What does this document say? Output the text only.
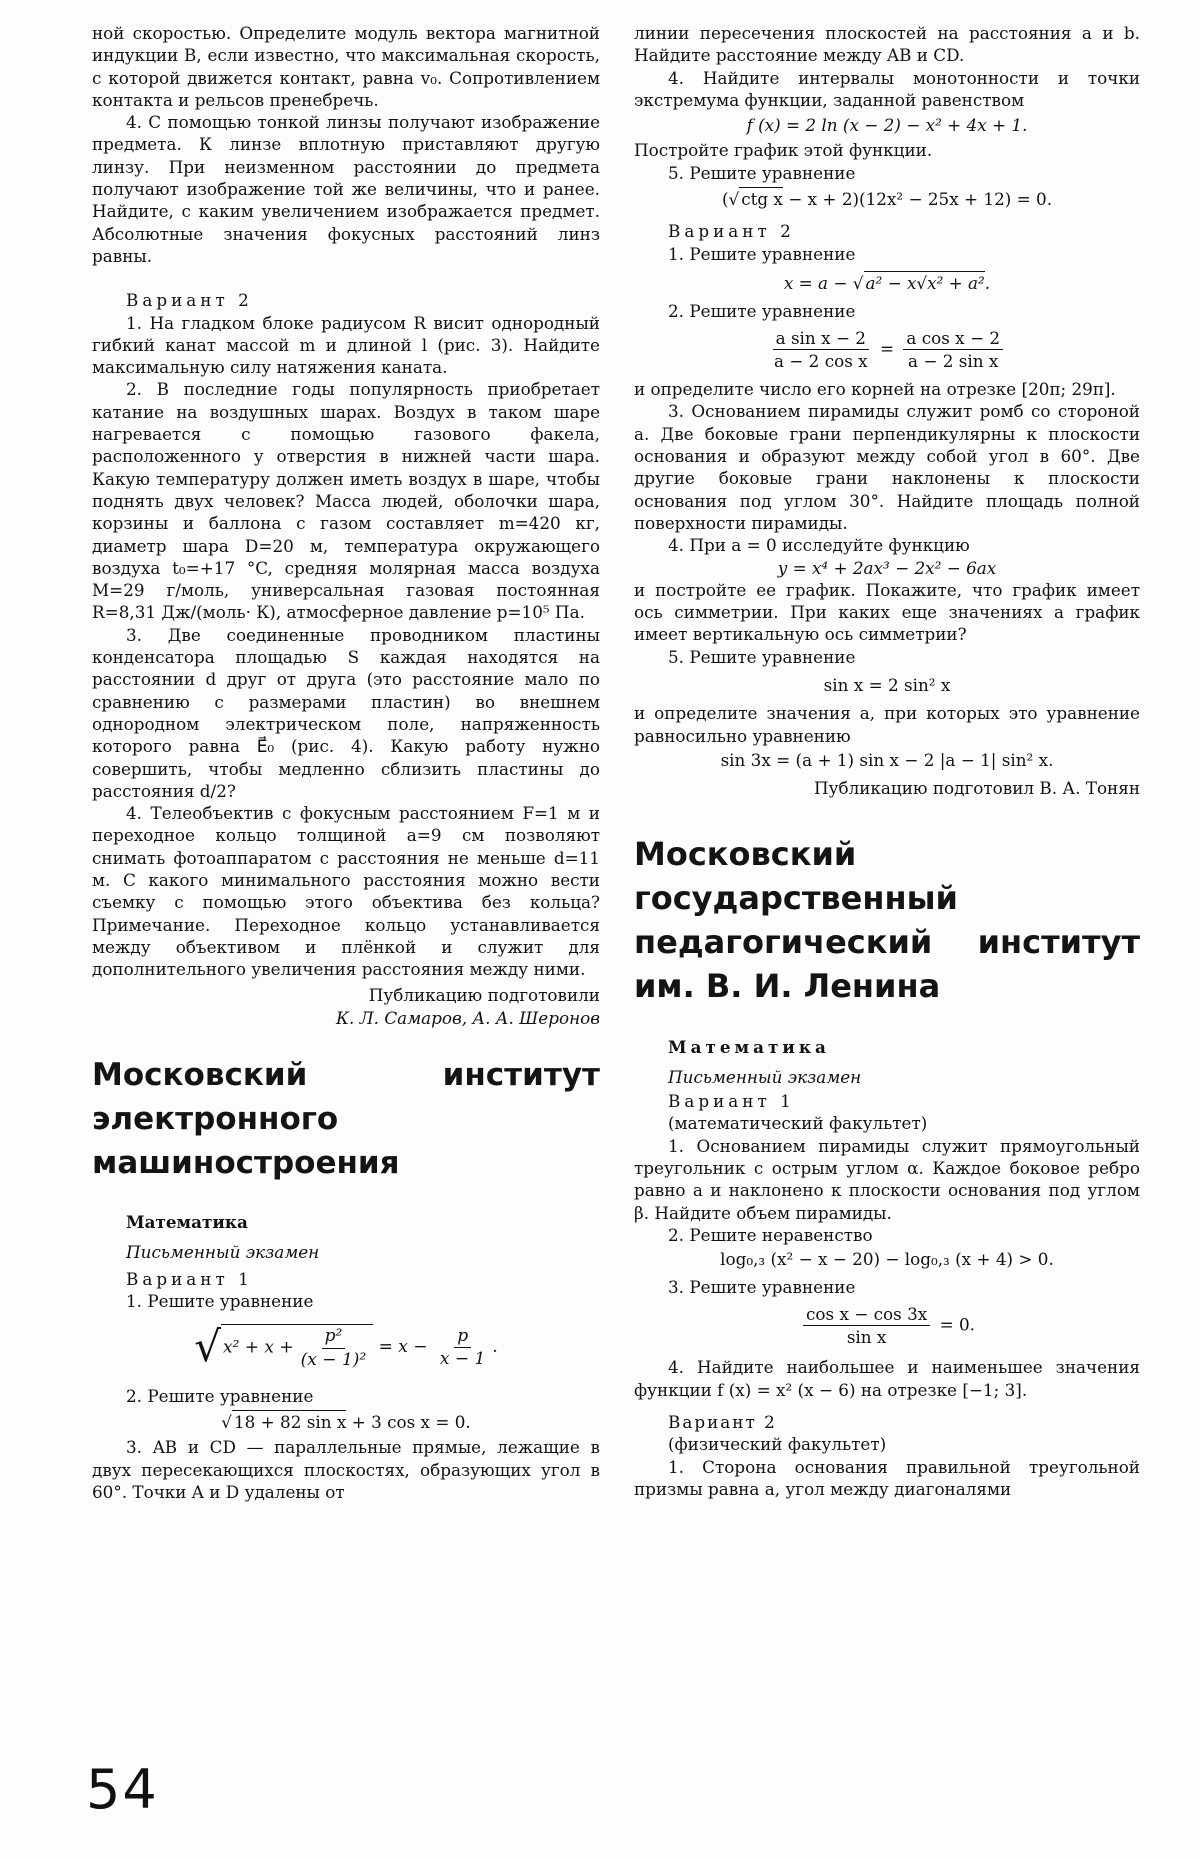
ной скоростью. Определите модуль вектора магнитной индукции B, если известно, что максимальная скорость, с которой движется контакт, равна v₀. Сопротивлением контакта и рельсов пренебречь.

4. С помощью тонкой линзы получают изображение предмета. К линзе вплотную приставляют другую линзу. При неизменном расстоянии до предмета получают изображение той же величины, что и ранее. Найдите, с каким увеличением изображается предмет. Абсолютные значения фокусных расстояний линз равны.

Вариант 2

1. На гладком блоке радиусом R висит однородный гибкий канат массой m и длиной l (рис. 3). Найдите максимальную силу натяжения каната.

2. В последние годы популярность приобретает катание на воздушных шарах. Воздух в таком шаре нагревается с помощью газового факела, расположенного у отверстия в нижней части шара. Какую температуру должен иметь воздух в шаре, чтобы поднять двух человек? Масса людей, оболочки шара, корзины и баллона с газом составляет m=420 кг, диаметр шара D=20 м, температура окружающего воздуха t₀=+17 °C, средняя молярная масса воздуха M=29 г/моль, универсальная газовая постоянная R=8,31 Дж/(моль· К), атмосферное давление p=10⁵ Па.

3. Две соединенные проводником пластины конденсатора площадью S каждая находятся на расстоянии d друг от друга (это расстояние мало по сравнению с размерами пластин) во внешнем однородном электрическом поле, напряженность которого равна E⃗₀ (рис. 4). Какую работу нужно совершить, чтобы медленно сблизить пластины до расстояния d/2?

4. Телеобъектив с фокусным расстоянием F=1 м и переходное кольцо толщиной a=9 см позволяют снимать фотоаппаратом с расстояния не меньше d=11 м. С какого минимального расстояния можно вести съемку с помощью этого объектива без кольца? Примечание. Переходное кольцо устанавливается между объективом и плёнкой и служит для дополнительного увеличения расстояния между ними.

Публикацию подготовили
К. Л. Самаров, А. А. Шеронов
Московский институт электронного машиностроения
Математика
Письменный экзамен
Вариант 1

1. Решите уравнение

√ $x^2 + x + \frac{\text{p²}}{\text{(x − 1)²}} = x - \frac{p}{x - 1}$ .

2. Решите уравнение

√ 18 + 82 sin x + 3 cos x = 0.

3. AB и CD — параллельные прямые, лежащие в двух пересекающихся плоскостях, образующих угол в 60°. Точки A и D удалены от

линии пересечения плоскостей на расстояния a и b. Найдите расстояние между AB и CD.

4. Найдите интервалы монотонности и точки экстремума функции, заданной равенством

f (x) = 2 ln (x − 2) − x² + 4x + 1.

Постройте график этой функции.

5. Решите уравнение

(√ ctg x − x + 2)(12x² − 25x + 12) = 0.
Вариант 2

1. Решите уравнение

x = a − √ a² − x√x² + a².

2. Решите уравнение

$\frac{\text{a sin x − 2}}{\text{a − 2 cos x}} = \frac{\text{a cos x − 2}}{\text{a − 2 sin x}}$

и определите число его корней на отрезке [20π; 29π].

3. Основанием пирамиды служит ромб со стороной a. Две боковые грани перпендикулярны к плоскости основания и образуют между собой угол в 60°. Две другие боковые грани наклонены к плоскости основания под углом 30°. Найдите площадь полной поверхности пирамиды.

4. При a = 0 исследуйте функцию

y = x⁴ + 2ax³ − 2x² − 6ax

и постройте ее график. Покажите, что график имеет ось симметрии. При каких еще значениях a график имеет вертикальную ось симметрии?

5. Решите уравнение

sin x = 2 sin² x

и определите значения a, при которых это уравнение равносильно уравнению

sin 3x = (a + 1) sin x − 2 |a − 1| sin² x.
Публикацию подготовил В. А. Тонян
Московский государственный педагогический институт им. В. И. Ленина
Математика
Письменный экзамен
Вариант 1
(математический факультет)

1. Основанием пирамиды служит прямоугольный треугольник с острым углом α. Каждое боковое ребро равно a и наклонено к плоскости основания под углом β. Найдите объем пирамиды.

2. Решите неравенство

log₀,₃ (x² − x − 20) − log₀,₃ (x + 4) > 0.

3. Решите уравнение

$\frac{\text{cos x − cos 3x}}{\text{sin x}} = 0$.

4. Найдите наибольшее и наименьшее значения функции f (x) = x² (x − 6) на отрезке [−1; 3].

Вариант 2
(физический факультет)

1. Сторона основания правильной треугольной призмы равна a, угол между диагоналями

54
